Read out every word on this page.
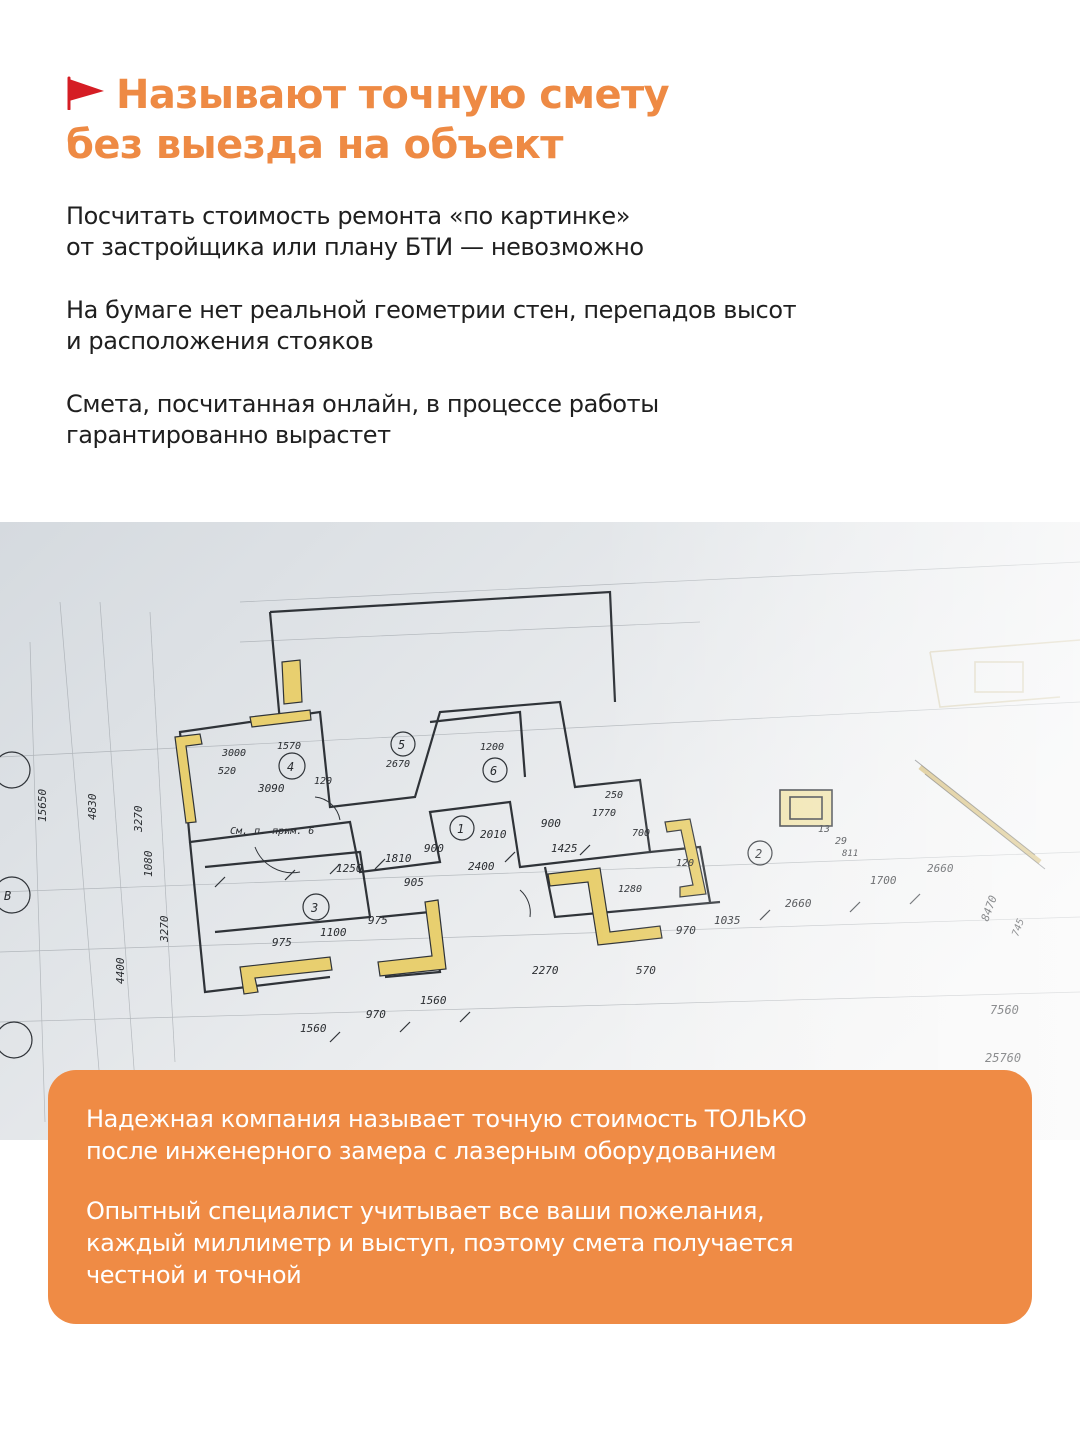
Называют точную смету
без выезда на объект

Посчитать стоимость ремонта «по картинке»
от застройщика или плану БТИ — невозможно

На бумаге нет реальной геометрии стен, перепадов высот
и расположения стояков

Смета, посчитанная онлайн, в процессе работы
гарантированно вырастет

Надежная компания называет точную стоимость ТОЛЬКО
после инженерного замера с лазерным оборудованием

Опытный специалист учитывает все ваши пожелания,
каждый миллиметр и выступ, поэтому смета получается
честной и точной
